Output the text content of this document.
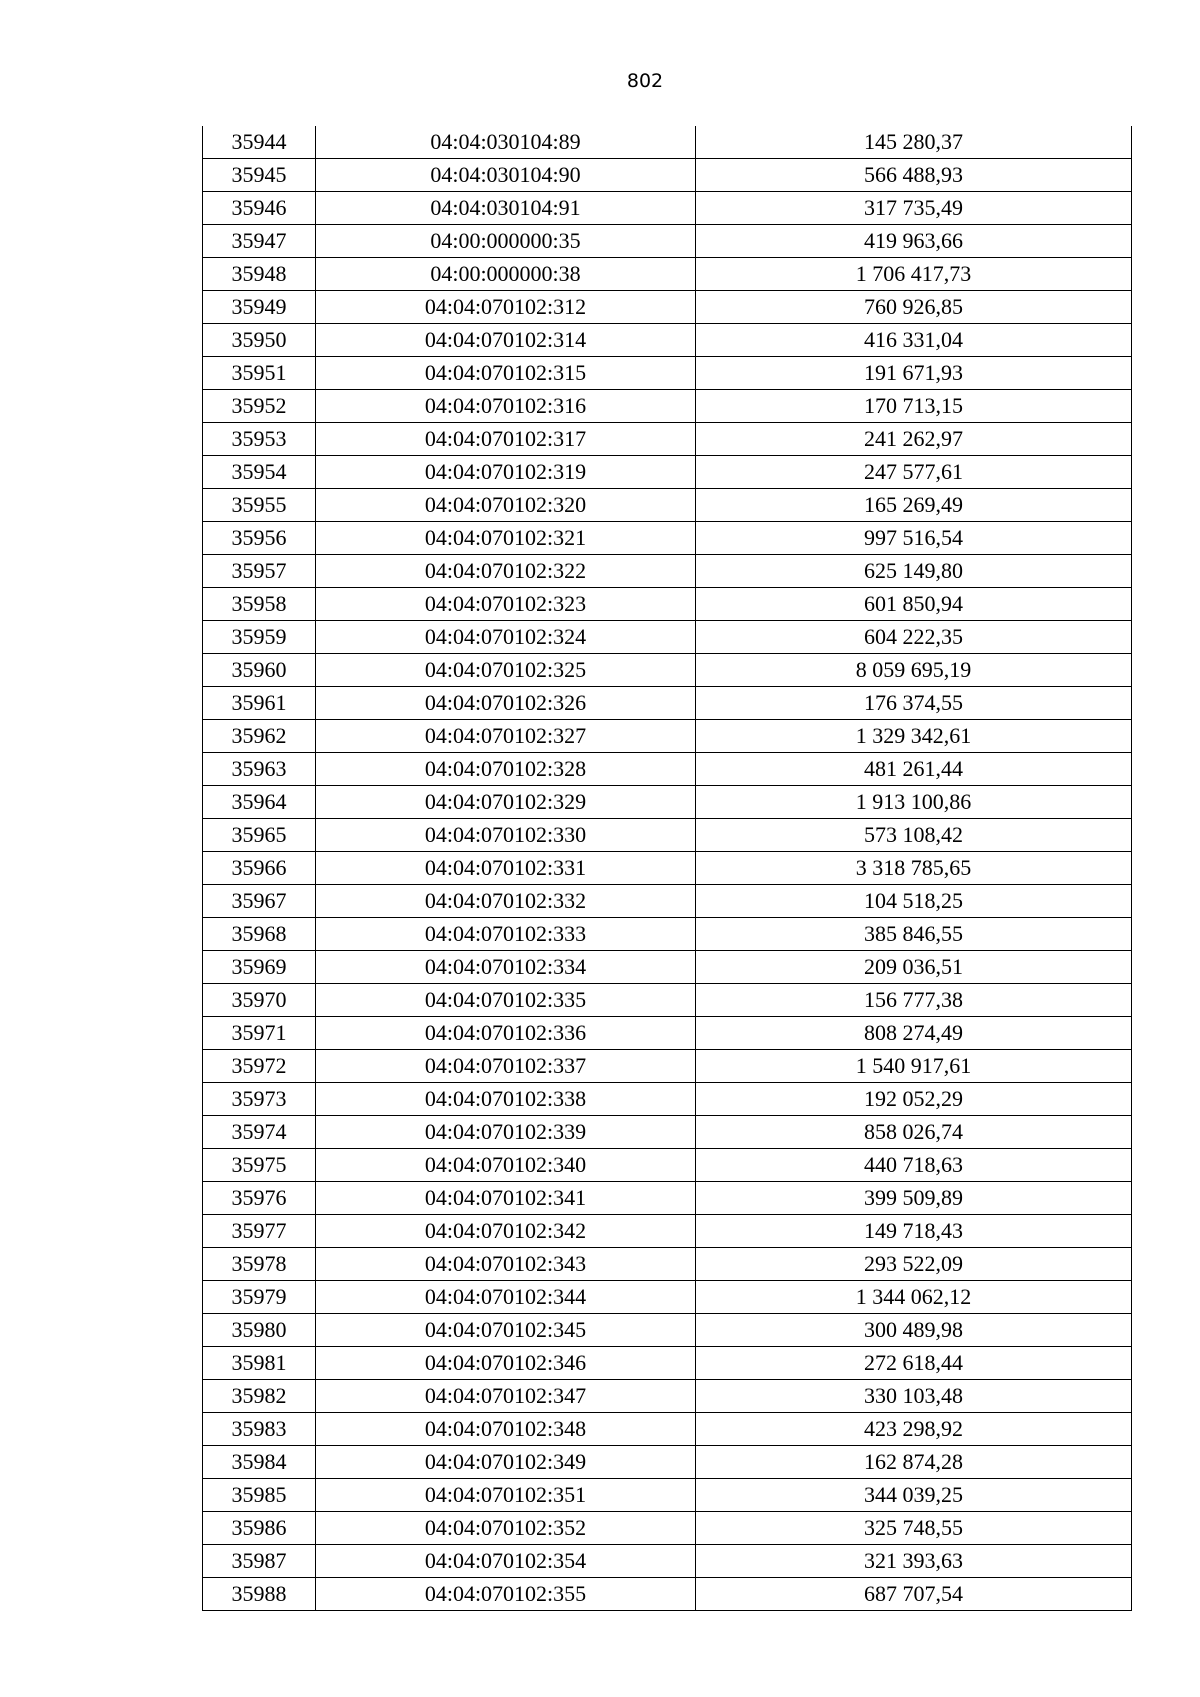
802
35944	04:04:030104:89	145 280,37
35945	04:04:030104:90	566 488,93
35946	04:04:030104:91	317 735,49
35947	04:00:000000:35	419 963,66
35948	04:00:000000:38	1 706 417,73
35949	04:04:070102:312	760 926,85
35950	04:04:070102:314	416 331,04
35951	04:04:070102:315	191 671,93
35952	04:04:070102:316	170 713,15
35953	04:04:070102:317	241 262,97
35954	04:04:070102:319	247 577,61
35955	04:04:070102:320	165 269,49
35956	04:04:070102:321	997 516,54
35957	04:04:070102:322	625 149,80
35958	04:04:070102:323	601 850,94
35959	04:04:070102:324	604 222,35
35960	04:04:070102:325	8 059 695,19
35961	04:04:070102:326	176 374,55
35962	04:04:070102:327	1 329 342,61
35963	04:04:070102:328	481 261,44
35964	04:04:070102:329	1 913 100,86
35965	04:04:070102:330	573 108,42
35966	04:04:070102:331	3 318 785,65
35967	04:04:070102:332	104 518,25
35968	04:04:070102:333	385 846,55
35969	04:04:070102:334	209 036,51
35970	04:04:070102:335	156 777,38
35971	04:04:070102:336	808 274,49
35972	04:04:070102:337	1 540 917,61
35973	04:04:070102:338	192 052,29
35974	04:04:070102:339	858 026,74
35975	04:04:070102:340	440 718,63
35976	04:04:070102:341	399 509,89
35977	04:04:070102:342	149 718,43
35978	04:04:070102:343	293 522,09
35979	04:04:070102:344	1 344 062,12
35980	04:04:070102:345	300 489,98
35981	04:04:070102:346	272 618,44
35982	04:04:070102:347	330 103,48
35983	04:04:070102:348	423 298,92
35984	04:04:070102:349	162 874,28
35985	04:04:070102:351	344 039,25
35986	04:04:070102:352	325 748,55
35987	04:04:070102:354	321 393,63
35988	04:04:070102:355	687 707,54
